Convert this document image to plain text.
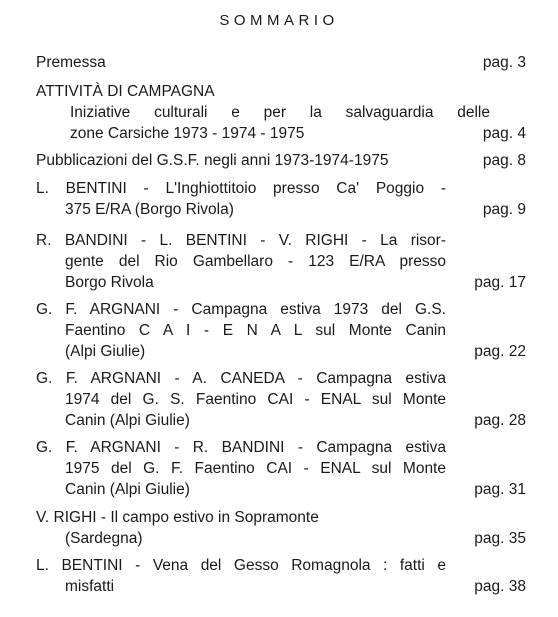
SOMMARIO
Premessa	pag. 3
ATTIVITÀ DI CAMPAGNA
Iniziative culturali e per la salvaguardia delle
zone Carsiche 1973 - 1974 - 1975	pag. 4
Pubblicazioni del G.S.F. negli anni 1973-1974-1975	pag. 8
L. BENTINI - L'Inghiottitoio presso Ca' Poggio -
375 E/RA (Borgo Rivola)	pag. 9
R. BANDINI - L. BENTINI - V. RIGHI - La risor-
gente del Rio Gambellaro - 123 E/RA presso
Borgo Rivola	pag. 17
G. F. ARGNANI - Campagna estiva 1973 del G.S.
Faentino C A I - E N A L sul Monte Canin
(Alpi Giulie)	pag. 22
G. F. ARGNANI - A. CANEDA - Campagna estiva
1974 del G. S. Faentino CAI - ENAL sul Monte
Canin (Alpi Giulie)	pag. 28
G. F. ARGNANI - R. BANDINI - Campagna estiva
1975 del G. F. Faentino CAI - ENAL sul Monte
Canin (Alpi Giulie)	pag. 31
V. RIGHI - Il campo estivo in Sopramonte
(Sardegna)	pag. 35
L. BENTINI - Vena del Gesso Romagnola : fatti e
misfatti	pag. 38
